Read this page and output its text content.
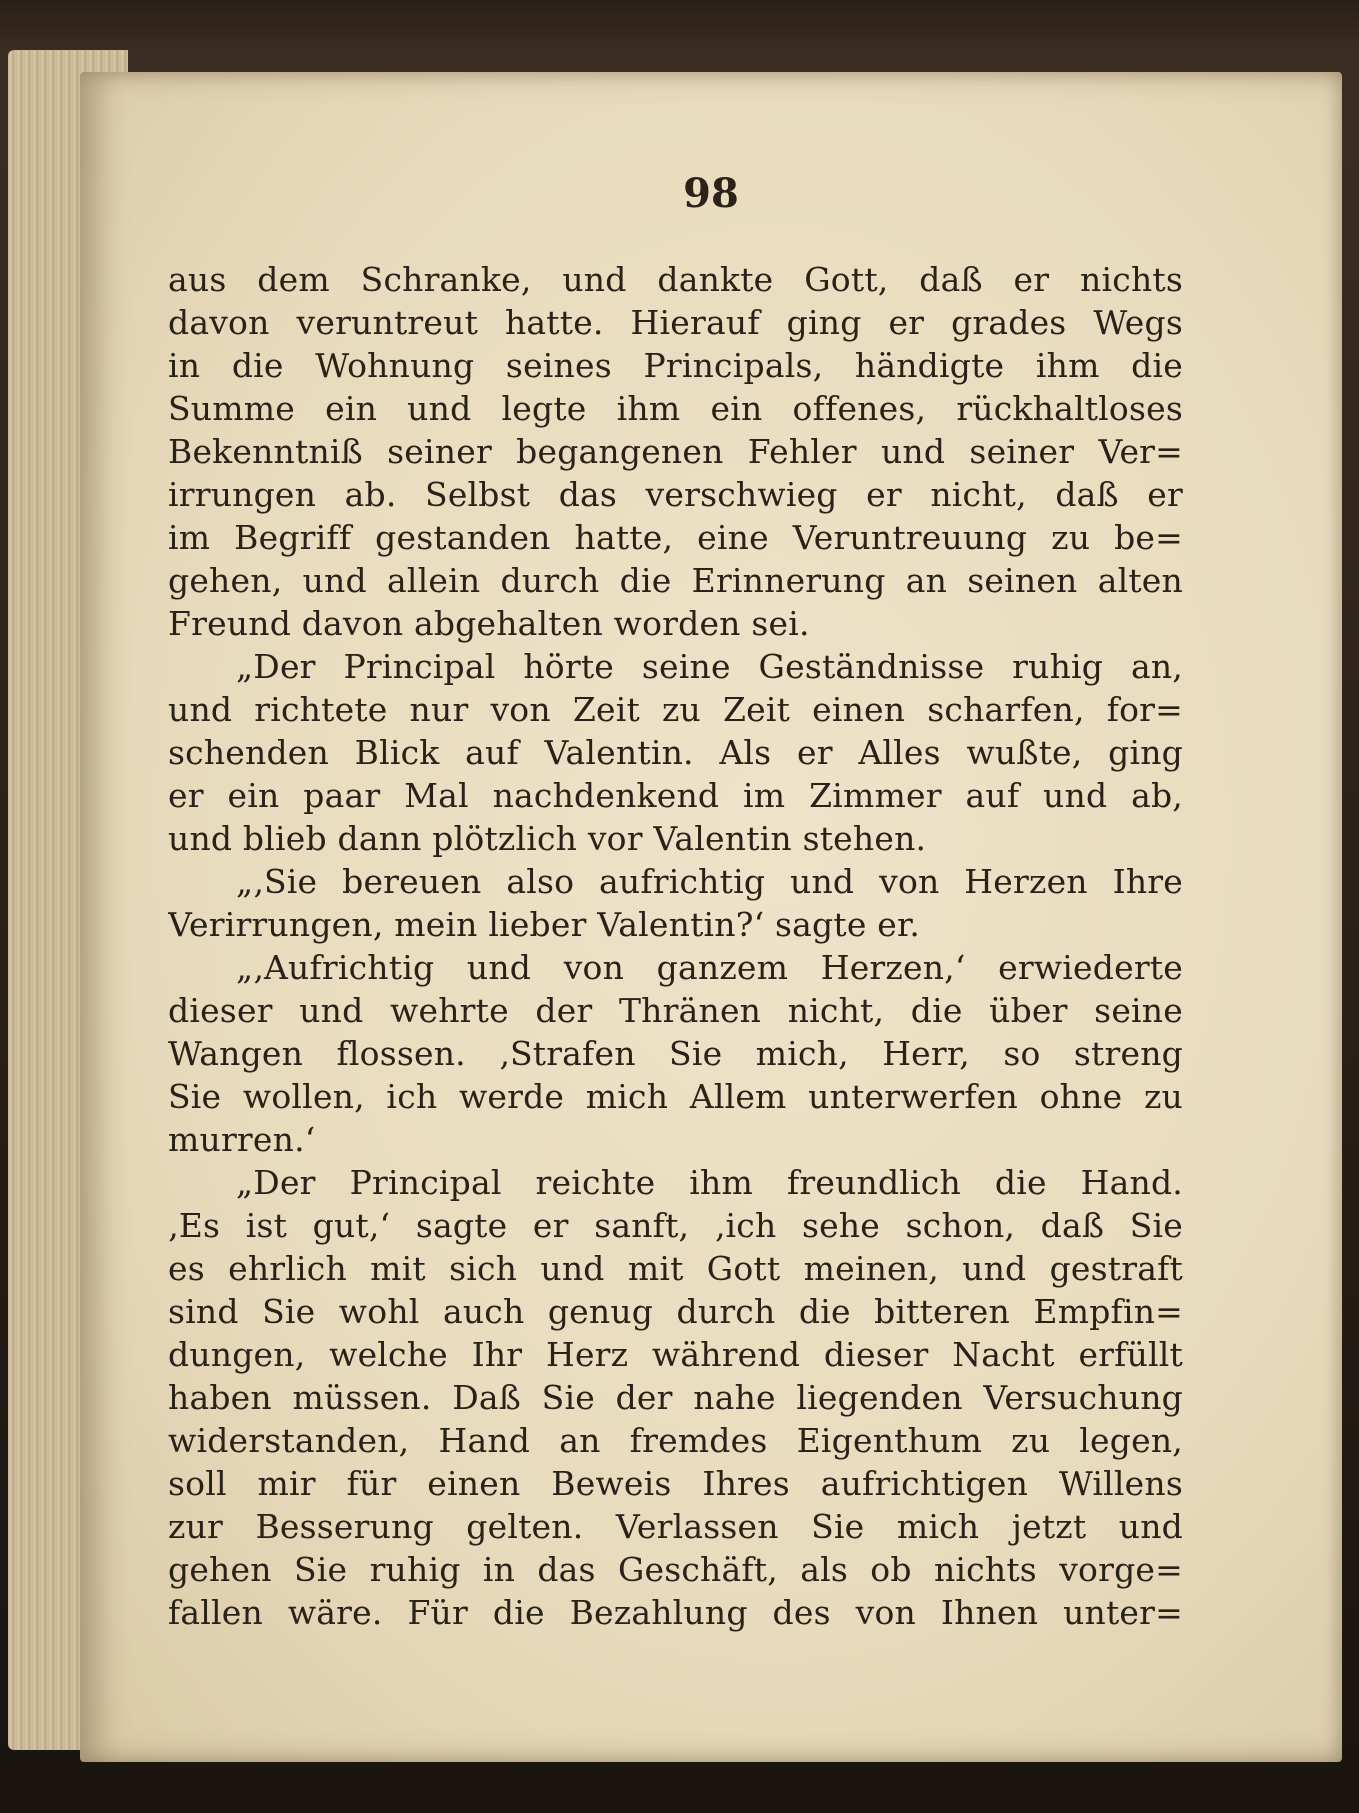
98
aus dem Schranke, und dankte Gott, daß er nichts
davon veruntreut hatte. Hierauf ging er grades Wegs
in die Wohnung seines Principals, händigte ihm die
Summe ein und legte ihm ein offenes, rückhaltloses
Bekenntniß seiner begangenen Fehler und seiner Ver=
irrungen ab. Selbst das verschwieg er nicht, daß er
im Begriff gestanden hatte, eine Veruntreuung zu be=
gehen, und allein durch die Erinnerung an seinen alten
Freund davon abgehalten worden sei.
„Der Principal hörte seine Geständnisse ruhig an,
und richtete nur von Zeit zu Zeit einen scharfen, for=
schenden Blick auf Valentin. Als er Alles wußte, ging
er ein paar Mal nachdenkend im Zimmer auf und ab,
und blieb dann plötzlich vor Valentin stehen.
„‚Sie bereuen also aufrichtig und von Herzen Ihre
Verirrungen, mein lieber Valentin?‘ sagte er.
„‚Aufrichtig und von ganzem Herzen,‘ erwiederte
dieser und wehrte der Thränen nicht, die über seine
Wangen flossen. ‚Strafen Sie mich, Herr, so streng
Sie wollen, ich werde mich Allem unterwerfen ohne zu
murren.‘
„Der Principal reichte ihm freundlich die Hand.
‚Es ist gut,‘ sagte er sanft, ‚ich sehe schon, daß Sie
es ehrlich mit sich und mit Gott meinen, und gestraft
sind Sie wohl auch genug durch die bitteren Empfin=
dungen, welche Ihr Herz während dieser Nacht erfüllt
haben müssen. Daß Sie der nahe liegenden Versuchung
widerstanden, Hand an fremdes Eigenthum zu legen,
soll mir für einen Beweis Ihres aufrichtigen Willens
zur Besserung gelten. Verlassen Sie mich jetzt und
gehen Sie ruhig in das Geschäft, als ob nichts vorge=
fallen wäre. Für die Bezahlung des von Ihnen unter=
